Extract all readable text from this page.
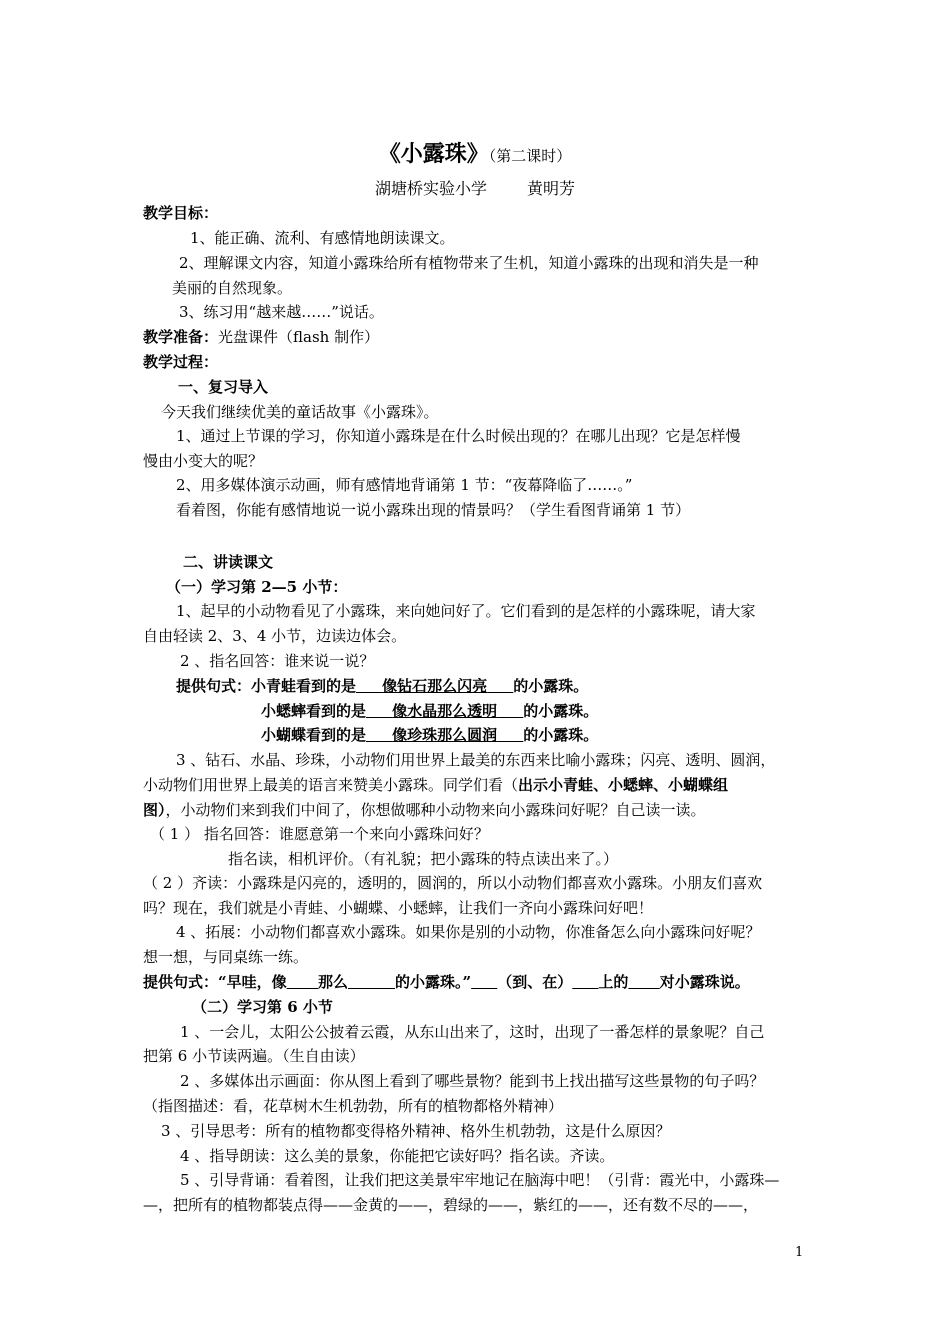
《小露珠》（第二课时）
湖塘桥实验小学	黄明芳
教学目标：
1、能正确、流利、有感情地朗读课文。
2、理解课文内容，知道小露珠给所有植物带来了生机，知道小露珠的出现和消失是一种
美丽的自然现象。
3、练习用“越来越……”说话。
教学准备：光盘课件（flash 制作）
教学过程：
一、复习导入
今天我们继续优美的童话故事《小露珠》。
1、通过上节课的学习，你知道小露珠是在什么时候出现的？在哪儿出现？它是怎样慢
慢由小变大的呢？
2、用多媒体演示动画，师有感情地背诵第 1 节：“夜幕降临了……。”
看着图，你能有感情地说一说小露珠出现的情景吗？（学生看图背诵第 1 节）
二、讲读课文
（一）学习第 2—5 小节：
1、起早的小动物看见了小露珠，来向她问好了。它们看到的是怎样的小露珠呢，请大家
自由轻读 2、3、4 小节，边读边体会。
2 、指名回答：谁来说一说？
提供句式：小青蛙看到的是 像钻石那么闪亮 的小露珠。
小蟋蟀看到的是 像水晶那么透明 的小露珠。
小蝴蝶看到的是 像珍珠那么圆润 的小露珠。
3 、钻石、水晶、珍珠，小动物们用世界上最美的东西来比喻小露珠；闪亮、透明、圆润，
小动物们用世界上最美的语言来赞美小露珠。同学们看（出示小青蛙、小蟋蟀、小蝴蝶组
图），小动物们来到我们中间了，你想做哪种小动物来向小露珠问好呢？自己读一读。
（ 1 ） 指名回答：谁愿意第一个来向小露珠问好？
指名读，相机评价。（有礼貌；把小露珠的特点读出来了。）
（ 2 ）齐读：小露珠是闪亮的，透明的，圆润的，所以小动物们都喜欢小露珠。小朋友们喜欢
吗？现在，我们就是小青蛙、小蝴蝶、小蟋蟀，让我们一齐向小露珠问好吧！
4 、拓展：小动物们都喜欢小露珠。如果你是别的小动物，你准备怎么向小露珠问好呢？
想一想，与同桌练一练。
提供句式：“早哇，像 那么	的小露珠。” （到、在） 上的 对小露珠说。
（二）学习第 6 小节
1 、一会儿，太阳公公披着云霞，从东山出来了，这时，出现了一番怎样的景象呢？自己
把第 6 小节读两遍。（生自由读）
2 、多媒体出示画面：你从图上看到了哪些景物？能到书上找出描写这些景物的句子吗？
（指图描述：看，花草树木生机勃勃，所有的植物都格外精神）
3 、引导思考：所有的植物都变得格外精神、格外生机勃勃，这是什么原因？
4 、指导朗读：这么美的景象，你能把它读好吗？指名读。齐读。
5 、引导背诵：看着图，让我们把这美景牢牢地记在脑海中吧！（引背：霞光中，小露珠—
—，把所有的植物都装点得——金黄的——，碧绿的——，紫红的——，还有数不尽的——，
1
